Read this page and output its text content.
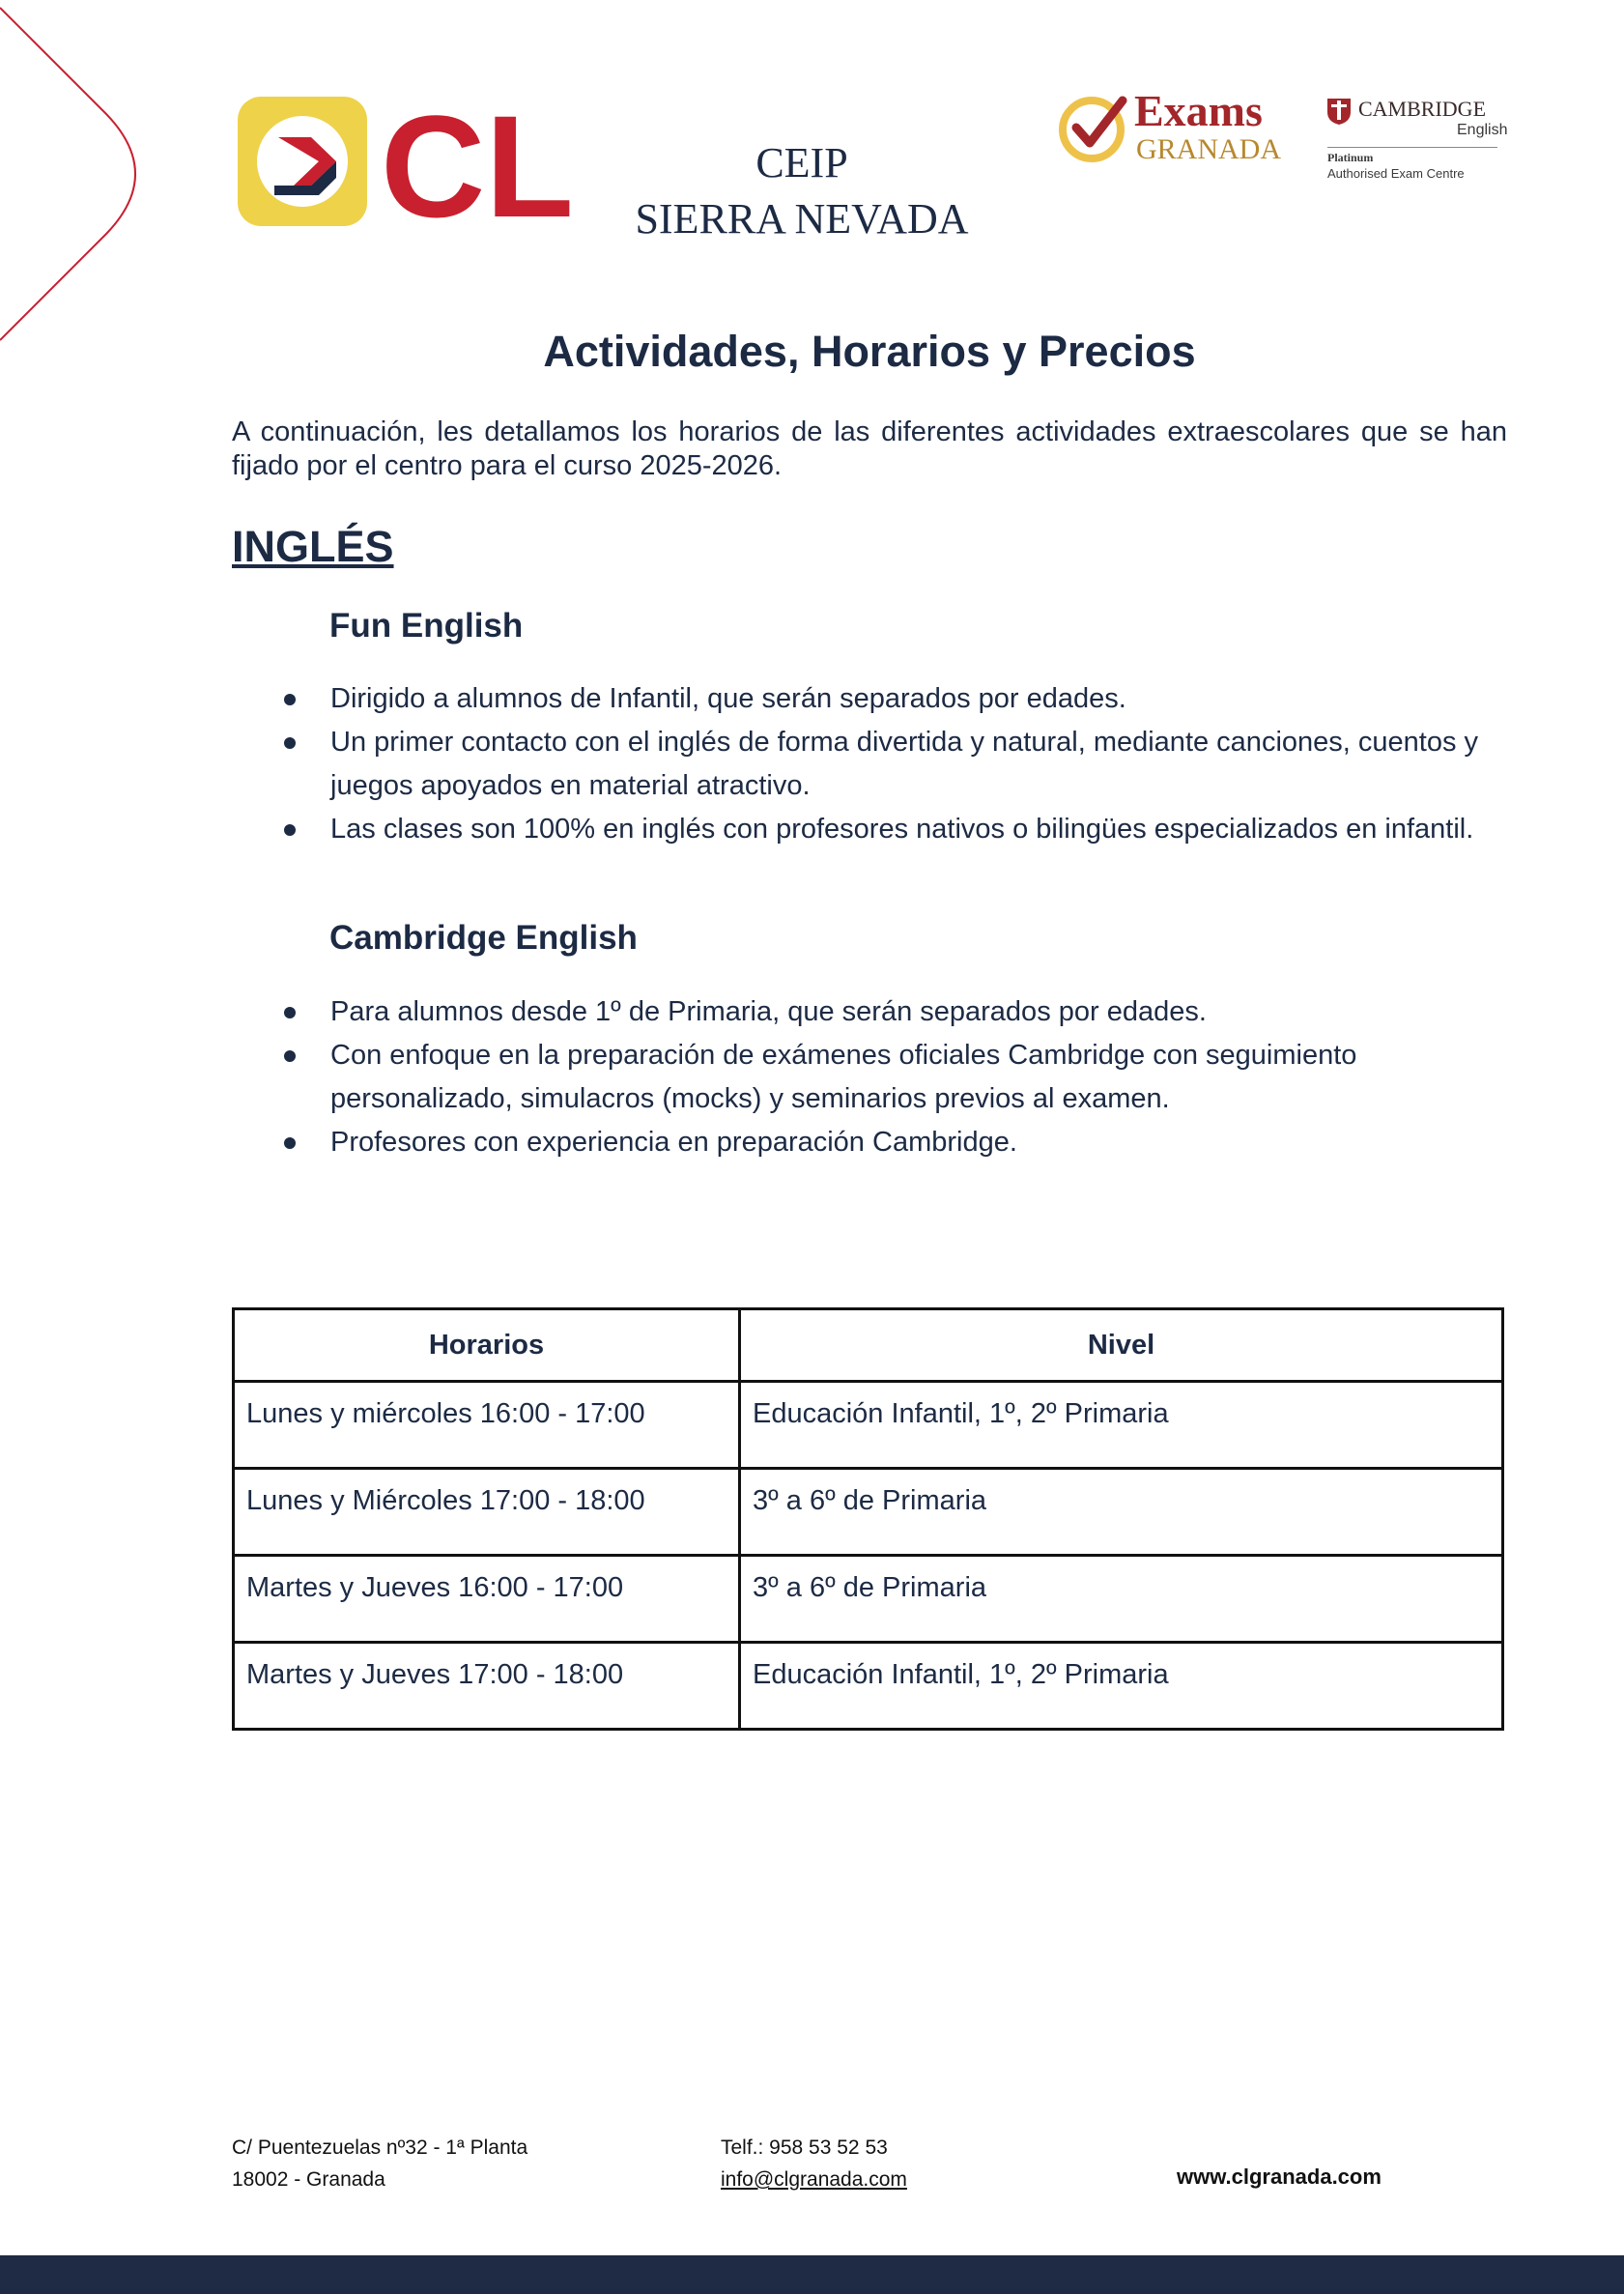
CL	CEIP
SIERRA NEVADA
Exams
GRANADA
CAMBRIDGE
English
Platinum
Authorised Exam Centre
Actividades, Horarios y Precios
A continuación, les detallamos los horarios de las diferentes actividades extraescolares que se han fijado por el centro para el curso 2025-2026.
INGLÉS
Fun English
Dirigido a alumnos de Infantil, que serán separados por edades.
Un primer contacto con el inglés de forma divertida y natural, mediante canciones, cuentos y juegos apoyados en material atractivo.
Las clases son 100% en inglés con profesores nativos o bilingües especializados en infantil.
Cambridge English
Para alumnos desde 1º de Primaria, que serán separados por edades.
Con enfoque en la preparación de exámenes oficiales Cambridge con seguimiento personalizado, simulacros (mocks) y seminarios previos al examen.
Profesores con experiencia en preparación Cambridge.
Horarios	Nivel
Lunes y miércoles 16:00 - 17:00	Educación Infantil, 1º, 2º Primaria
Lunes y Miércoles 17:00 - 18:00	3º a 6º de Primaria
Martes y Jueves 16:00 - 17:00	3º a 6º de Primaria
Martes y Jueves 17:00 - 18:00	Educación Infantil, 1º, 2º Primaria
C/ Puentezuelas nº32 - 1ª Planta
18002 - Granada
Telf.: 958 53 52 53
info@clgranada.com	www.clgranada.com
